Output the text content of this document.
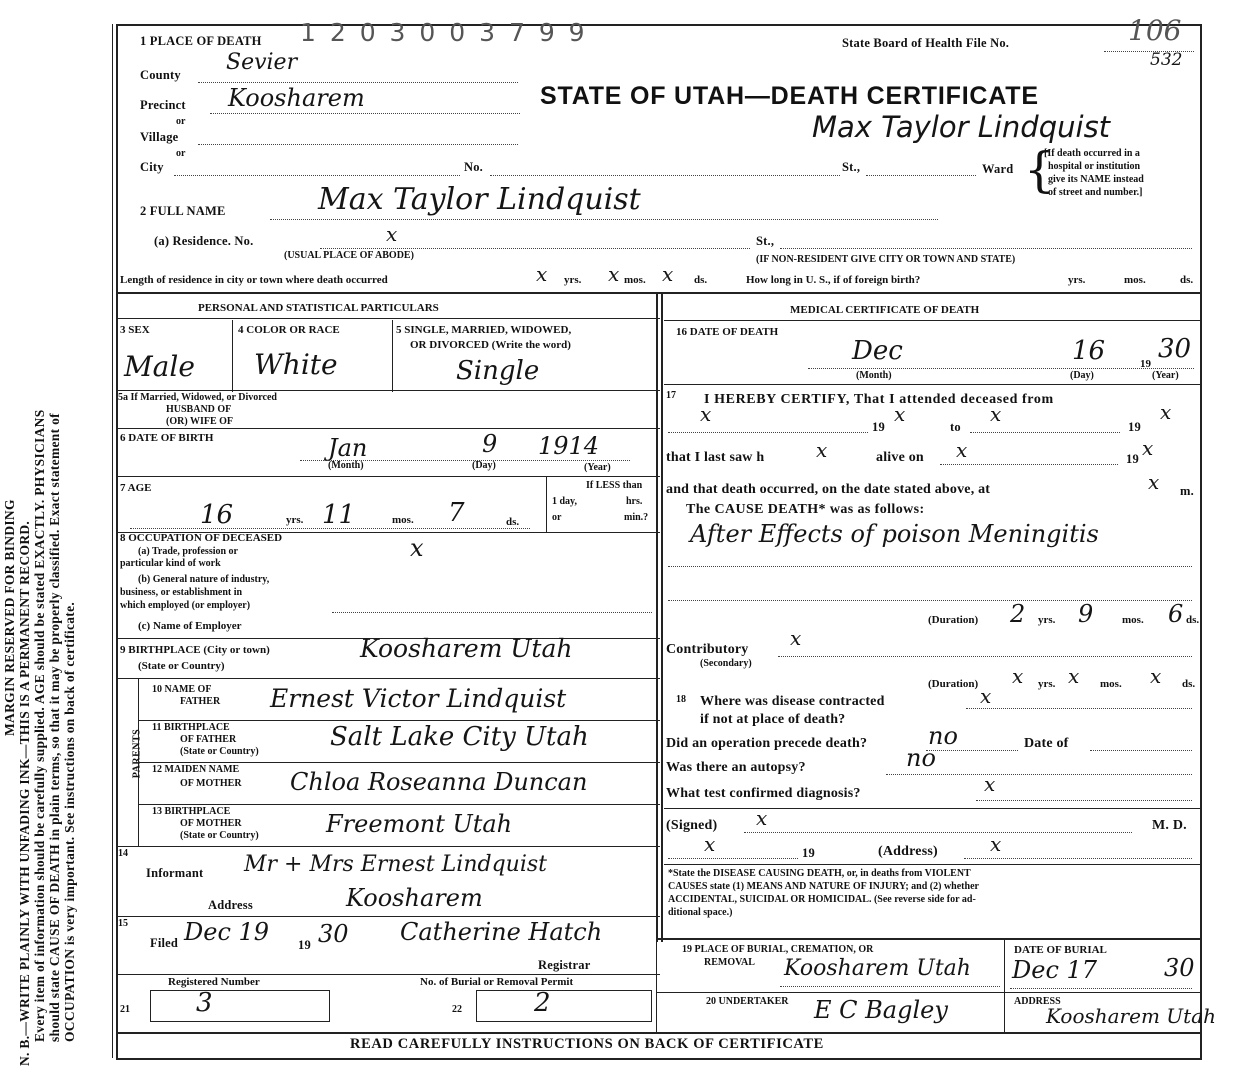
MARGIN RESERVED FOR BINDING N. B.—WRITE PLAINLY WITH UNFADING INK—THIS IS A PERMANENT RECORD. Every item of information should be carefully supplied. AGE should be stated EXACTLY. PHYSICIANS should state CAUSE OF DEATH in plain terms, so that it may be properly classified. Exact statement of OCCUPATION is very important. See instructions on back of certificate.
1 PLACE OF DEATH 1 2 0 3 0 0 3 7 9 9	State Board of Health File No.	106
532
STATE OF UTAH—DEATH CERTIFICATE
Max Taylor Lindquist
County Sevier
Precinct Koosharem
or
Village
or
City	No.	St.,	Ward {
[If death occurred in a
hospital or institution
give its NAME instead
of street and number.]
2 FULL NAME	Max Taylor Lindquist
(a) Residence. No.	x	St.,
(USUAL PLACE OF ABODE)	(IF NON-RESIDENT GIVE CITY OR TOWN AND STATE)
Length of residence in city or town where death occurred	x yrs. x mos. x ds.	How long in U. S., if of foreign birth?	yrs.	mos.	ds.
PERSONAL AND STATISTICAL PARTICULARS	MEDICAL CERTIFICATE OF DEATH
3 SEX
Male
4 COLOR OR RACE
White
5 SINGLE, MARRIED, WIDOWED,
OR DIVORCED (Write the word)
Single
5a If Married, Widowed, or Divorced
HUSBAND OF
(OR) WIFE OF
6 DATE OF BIRTH	Jan	9 1914
(Month)	(Day)	(Year)
7 AGE
16	yrs. 11	mos. 7	ds.
If LESS than
1 day,	hrs.
or	min.?
8 OCCUPATION OF DECEASED
(a) Trade, profession or
particular kind of work
(b) General nature of industry,
business, or establishment in
which employed (or employer)
x
(c) Name of Employer
9 BIRTHPLACE (City or town)
(State or Country)
Koosharem Utah
PARENTS
10 NAME OF
FATHER Ernest Victor Lindquist
11 BIRTHPLACE
OF FATHER
(State or Country)	Salt Lake City Utah
12 MAIDEN NAME
OF MOTHER Chloa Roseanna Duncan
13 BIRTHPLACE
OF MOTHER
(State or Country)	Freemont Utah
14
Informant Mr + Mrs Ernest Lindquist
Address	Koosharem
15
Filed Dec 19 19 30 Catherine Hatch
Registrar
Registered Number	No. of Burial or Removal Permit
21	3	22	2
16 DATE OF DEATH
Dec	16	19 30
(Month)	(Day)	(Year)
17 I HEREBY CERTIFY, That I attended deceased from
x
19
x
to
x
19
x
that I last saw h	x	alive on x	19 x
and that death occurred, on the date stated above, at	x m.
The CAUSE DEATH* was as follows:
After Effects of poison Meningitis
(Duration) 2 yrs. 9	mos. 6 ds.
Contributory
(Secondary)
x
(Duration) x yrs. x mos. x ds.
18 Where was disease contracted	x
if not at place of death?
Did an operation precede death?	no	Date of
Was there an autopsy?	no
What test confirmed diagnosis?	x
(Signed) x	M. D.
x	19	(Address)	x
*State the DISEASE CAUSING DEATH, or, in deaths from VIOLENT
CAUSES state (1) MEANS AND NATURE OF INJURY; and (2) whether
ACCIDENTAL, SUICIDAL OR HOMICIDAL. (See reverse side for ad-
ditional space.)
19 PLACE OF BURIAL, CREMATION, OR
REMOVAL Koosharem Utah
DATE OF BURIAL
Dec 17	30
20 UNDERTAKER E C Bagley	ADDRESS
Koosharem Utah
READ CAREFULLY INSTRUCTIONS ON BACK OF CERTIFICATE
